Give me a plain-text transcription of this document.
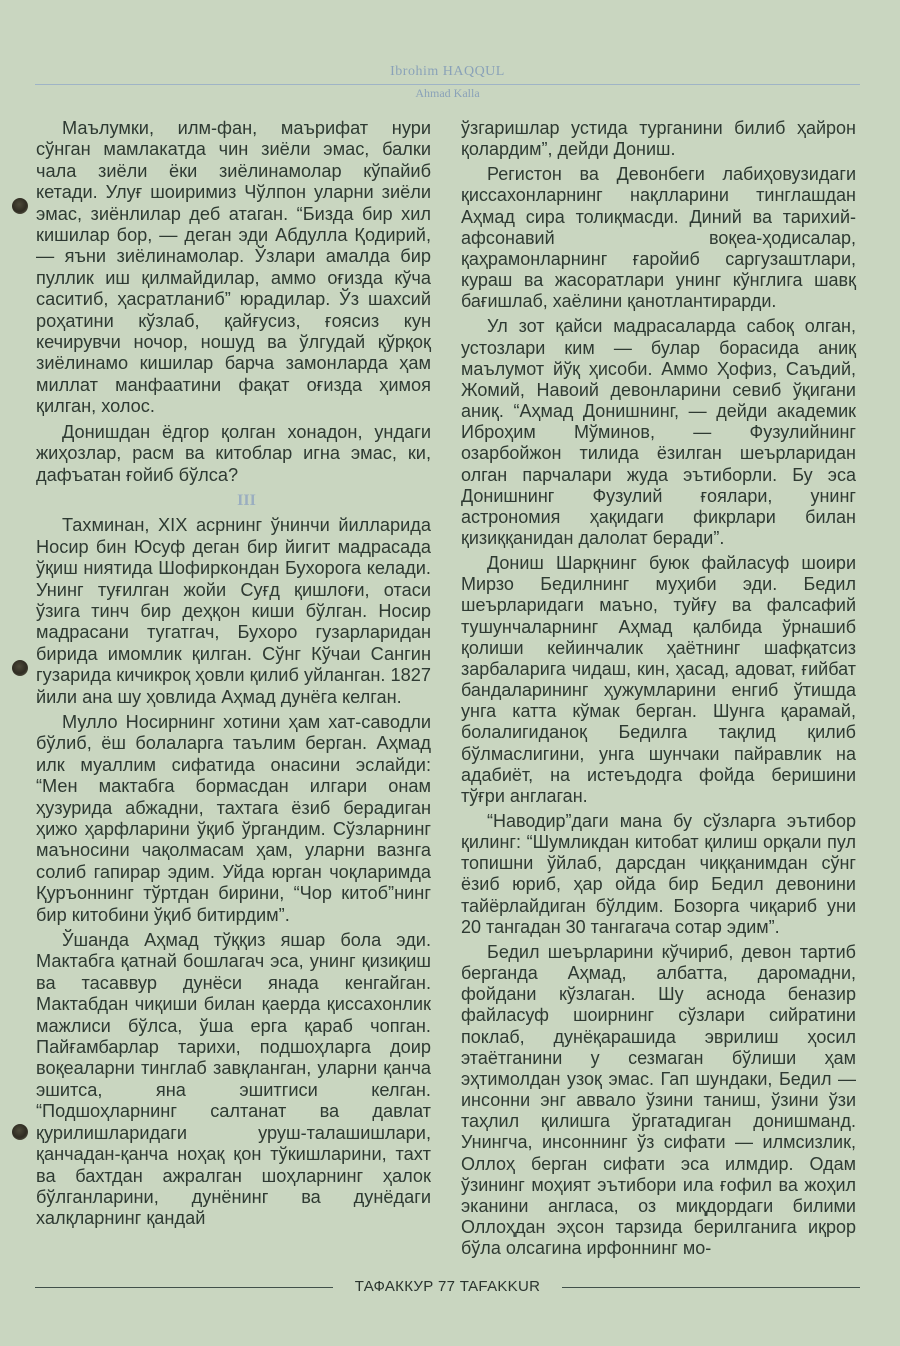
Ibrohim HAQQUL
Ahmad Kalla

Маълумки, илм-фан, маърифат нури сўнган мамлакатда чин зиёли эмас, балки чала зиёли ёки зиёлинамолар кўпайиб кетади. Улуғ шоиримиз Чўлпон уларни зиёли эмас, зиёнлилар деб атаган. “Бизда бир хил кишилар бор, — деган эди Абдулла Қодирий, — яъни зиёлинамолар. Ўзлари амалда бир пуллик иш қилмайдилар, аммо оғизда кўча саситиб, ҳасратланиб” юрадилар. Ўз шахсий роҳатини кўзлаб, қайғусиз, ғоясиз кун кечирувчи ночор, ношуд ва ўлгудай қўрқоқ зиёлинамо кишилар барча замонларда ҳам миллат манфаатини фақат оғизда ҳимоя қилган, холос.

Донишдан ёдгор қолган хонадон, ундаги жиҳозлар, расм ва китоблар игна эмас, ки, дафъатан ғойиб бўлса?

III

Тахминан, XIX асрнинг ўнинчи йилларида Носир бин Юсуф деган бир йигит мадрасада ўқиш ниятида Шофиркондан Бухорога келади. Унинг туғилган жойи Суғд қишлоғи, отаси ўзига тинч бир деҳқон киши бўлган. Носир мадрасани тугатгач, Бухоро гузарларидан бирида имомлик қилган. Сўнг Кўчаи Сангин гузарида кичикроқ ҳовли қилиб уйланган. 1827 йили ана шу ҳовлида Аҳмад дунёга келган.

Мулло Носирнинг хотини ҳам хат-саводли бўлиб, ёш болаларга таълим берган. Аҳмад илк муаллим сифатида онасини эслайди: “Мен мактабга бормасдан илгари онам ҳузурида абжадни, тахтага ёзиб берадиган ҳижо ҳарфларини ўқиб ўргандим. Сўзларнинг маъносини чақолмасам ҳам, уларни вазнга солиб гапирар эдим. Уйда юрган чоқларимда Қуръоннинг тўртдан бирини, “Чор китоб”нинг бир китобини ўқиб битирдим”.

Ўшанда Аҳмад тўққиз яшар бола эди. Мактабга қатнай бошлагач эса, унинг қизиқиш ва тасаввур дунёси янада кенгайган. Мактабдан чиқиши билан қаерда қиссахонлик мажлиси бўлса, ўша ерга қараб чопган. Пайғамбарлар тарихи, подшоҳларга доир воқеаларни тинглаб завқланган, уларни қанча эшитса, яна эшитгиси келган. “Подшоҳларнинг салтанат ва давлат қурилишларидаги уруш-талашишлари, қанчадан-қанча ноҳақ қон тўкишларини, тахт ва бахтдан ажралган шоҳларнинг ҳалок бўлганларини, дунёнинг ва дунёдаги халқларнинг қандай

ўзгаришлар устида турганини билиб ҳайрон қолардим”, дейди Дониш.

Регистон ва Девонбеги лабиҳовузидаги қиссахонларнинг нақлларини тинглашдан Аҳмад сира толиқмасди. Диний ва тарихий-афсонавий воқеа-ҳодисалар, қаҳрамонларнинг ғаройиб саргузаштлари, кураш ва жасоратлари унинг кўнглига шавқ бағишлаб, хаёлини қанотлантирарди.

Ул зот қайси мадрасаларда сабоқ олган, устозлари ким — булар борасида аниқ маълумот йўқ ҳисоби. Аммо Ҳофиз, Саъдий, Жомий, Навоий девонларини севиб ўқигани аниқ. “Аҳмад Донишнинг, — дейди академик Иброҳим Мўминов, — Фузулийнинг озарбойжон тилида ёзилган шеърларидан олган парчалари жуда эътиборли. Бу эса Донишнинг Фузулий ғоялари, унинг астрономия ҳақидаги фикрлари билан қизиққанидан далолат беради”.

Дониш Шарқнинг буюк файласуф шоири Мирзо Бедилнинг муҳиби эди. Бедил шеърларидаги маъно, туйғу ва фалсафий тушунчаларнинг Аҳмад қалбида ўрнашиб қолиши кейинчалик ҳаётнинг шафқатсиз зарбаларига чидаш, кин, ҳасад, адоват, ғийбат бандаларининг ҳужумларини енгиб ўтишда унга катта кўмак берган. Шунга қарамай, болалигиданоқ Бедилга тақлид қилиб бўлмаслигини, унга шунчаки пайравлик на адабиёт, на истеъдодга фойда беришини тўғри англаган.

“Наводир”даги мана бу сўзларга эътибор қилинг: “Шумликдан китобат қилиш орқали пул топишни ўйлаб, дарсдан чиққанимдан сўнг ёзиб юриб, ҳар ойда бир Бедил девонини тайёрлайдиган бўлдим. Бозорга чиқариб уни 20 тангадан 30 тангагача сотар эдим”.

Бедил шеърларини кўчириб, девон тартиб берганда Аҳмад, албатта, даромадни, фойдани кўзлаган. Шу аснода беназир файласуф шоирнинг сўзлари сийратини поклаб, дунёқарашида эврилиш ҳосил этаётганини у сезмаган бўлиши ҳам эҳтимолдан узоқ эмас. Гап шундаки, Бедил — инсонни энг аввало ўзини таниш, ўзини ўзи таҳлил қилишга ўргатадиган донишманд. Унингча, инсоннинг ўз сифати — илмсизлик, Оллоҳ берган сифати эса илмдир. Одам ўзининг моҳият эътибори ила ғофил ва жоҳил эканини англаса, оз миқдордаги билими Оллоҳдан эҳсон тарзида берилганига иқрор бўла олсагина ирфоннинг мо-

ТАФАККУР 77 TAFAKKUR
